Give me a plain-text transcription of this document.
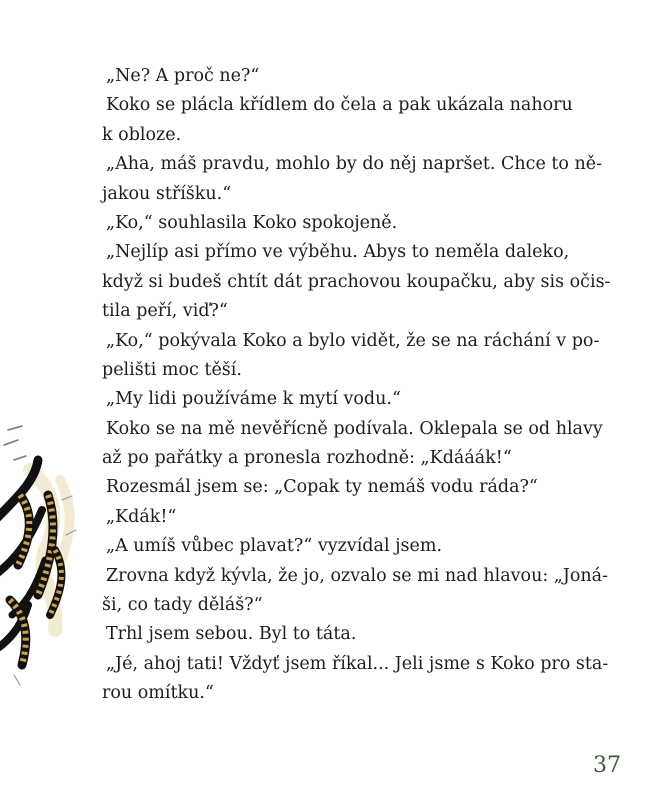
„Ne? A proč ne?“
Koko se plácla křídlem do čela a pak ukázala nahoru
k obloze.
„Aha, máš pravdu, mohlo by do něj napršet. Chce to ně-
jakou stříšku.“
„Ko,“ souhlasila Koko spokojeně.
„Nejlíp asi přímo ve výběhu. Abys to neměla daleko,
když si budeš chtít dát prachovou koupačku, aby sis očis-
tila peří, viď?“
„Ko,“ pokývala Koko a bylo vidět, že se na ráchání v po-
pelišti moc těší.
„My lidi používáme k mytí vodu.“
Koko se na mě nevěřícně podívala. Oklepala se od hlavy
až po pařátky a pronesla rozhodně: „Kdááák!“
Rozesmál jsem se: „Copak ty nemáš vodu ráda?“
„Kdák!“
„A umíš vůbec plavat?“ vyzvídal jsem.
Zrovna když kývla, že jo, ozvalo se mi nad hlavou: „Joná-
ši, co tady děláš?“
Trhl jsem sebou. Byl to táta.
„Jé, ahoj tati! Vždyť jsem říkal... Jeli jsme s Koko pro sta-
rou omítku.“
37
